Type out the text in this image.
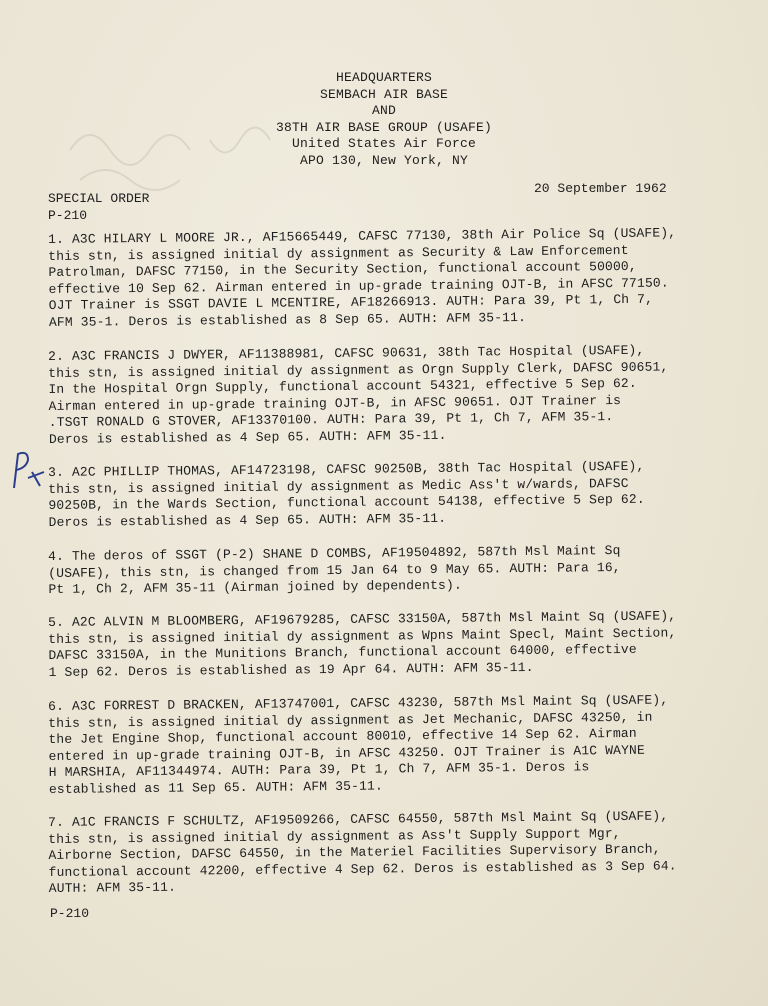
HEADQUARTERS
SEMBACH AIR BASE
AND
38TH AIR BASE GROUP (USAFE)
United States Air Force
APO 130, New York, NY
SPECIAL ORDER
P-210
20 September 1962
1. A3C HILARY L MOORE JR., AF15665449, CAFSC 77130, 38th Air Police Sq (USAFE),
this stn, is assigned initial dy assignment as Security & Law Enforcement
Patrolman, DAFSC 77150, in the Security Section, functional account 50000,
effective 10 Sep 62. Airman entered in up-grade training OJT-B, in AFSC 77150.
OJT Trainer is SSGT DAVIE L MCENTIRE, AF18266913. AUTH: Para 39, Pt 1, Ch 7,
AFM 35-1. Deros is established as 8 Sep 65. AUTH: AFM 35-11.
2. A3C FRANCIS J DWYER, AF11388981, CAFSC 90631, 38th Tac Hospital (USAFE),
this stn, is assigned initial dy assignment as Orgn Supply Clerk, DAFSC 90651,
In the Hospital Orgn Supply, functional account 54321, effective 5 Sep 62.
Airman entered in up-grade training OJT-B, in AFSC 90651. OJT Trainer is
.TSGT RONALD G STOVER, AF13370100. AUTH: Para 39, Pt 1, Ch 7, AFM 35-1.
Deros is established as 4 Sep 65. AUTH: AFM 35-11.
3. A2C PHILLIP THOMAS, AF14723198, CAFSC 90250B, 38th Tac Hospital (USAFE),
this stn, is assigned initial dy assignment as Medic Ass't w/wards, DAFSC
90250B, in the Wards Section, functional account 54138, effective 5 Sep 62.
Deros is established as 4 Sep 65. AUTH: AFM 35-11.
4. The deros of SSGT (P-2) SHANE D COMBS, AF19504892, 587th Msl Maint Sq
(USAFE), this stn, is changed from 15 Jan 64 to 9 May 65. AUTH: Para 16,
Pt 1, Ch 2, AFM 35-11 (Airman joined by dependents).
5. A2C ALVIN M BLOOMBERG, AF19679285, CAFSC 33150A, 587th Msl Maint Sq (USAFE),
this stn, is assigned initial dy assignment as Wpns Maint Specl, Maint Section,
DAFSC 33150A, in the Munitions Branch, functional account 64000, effective
1 Sep 62. Deros is established as 19 Apr 64. AUTH: AFM 35-11.
6. A3C FORREST D BRACKEN, AF13747001, CAFSC 43230, 587th Msl Maint Sq (USAFE),
this stn, is assigned initial dy assignment as Jet Mechanic, DAFSC 43250, in
the Jet Engine Shop, functional account 80010, effective 14 Sep 62. Airman
entered in up-grade training OJT-B, in AFSC 43250. OJT Trainer is A1C WAYNE
H MARSHIA, AF11344974. AUTH: Para 39, Pt 1, Ch 7, AFM 35-1. Deros is
established as 11 Sep 65. AUTH: AFM 35-11.
7. A1C FRANCIS F SCHULTZ, AF19509266, CAFSC 64550, 587th Msl Maint Sq (USAFE),
this stn, is assigned initial dy assignment as Ass't Supply Support Mgr,
Airborne Section, DAFSC 64550, in the Materiel Facilities Supervisory Branch,
functional account 42200, effective 4 Sep 62. Deros is established as 3 Sep 64.
AUTH: AFM 35-11.
P-210
